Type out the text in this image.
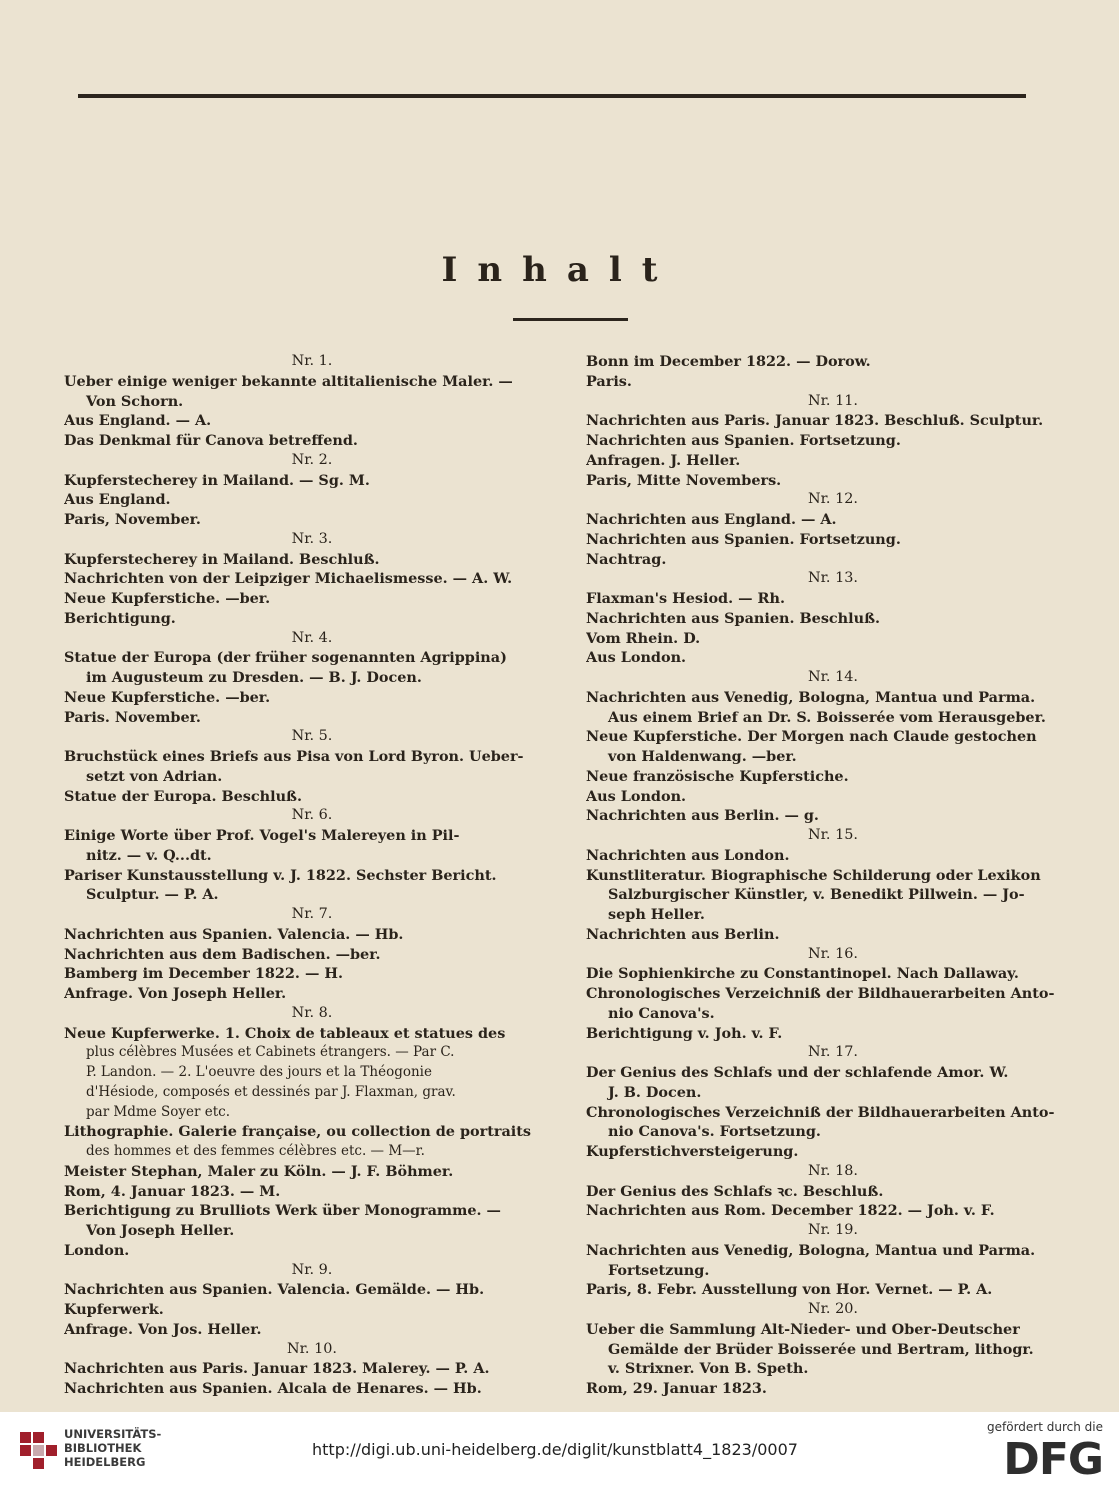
Inhalt
Nr. 1.
Ueber einige weniger bekannte altitalienische Maler. —
Von Schorn.
Aus England. — A.
Das Denkmal für Canova betreffend.
Nr. 2.
Kupferstecherey in Mailand. — Sg. M.
Aus England.
Paris, November.
Nr. 3.
Kupferstecherey in Mailand. Beschluß.
Nachrichten von der Leipziger Michaelismesse. — A. W.
Neue Kupferstiche. —ber.
Berichtigung.
Nr. 4.
Statue der Europa (der früher sogenannten Agrippina)
im Augusteum zu Dresden. — B. J. Docen.
Neue Kupferstiche. —ber.
Paris. November.
Nr. 5.
Bruchstück eines Briefs aus Pisa von Lord Byron. Ueber-
setzt von Adrian.
Statue der Europa. Beschluß.
Nr. 6.
Einige Worte über Prof. Vogel's Malereyen in Pil-
nitz. — v. Q...dt.
Pariser Kunstausstellung v. J. 1822. Sechster Bericht.
Sculptur. — P. A.
Nr. 7.
Nachrichten aus Spanien. Valencia. — Hb.
Nachrichten aus dem Badischen. —ber.
Bamberg im December 1822. — H.
Anfrage. Von Joseph Heller.
Nr. 8.
Neue Kupferwerke. 1. Choix de tableaux et statues des
plus célèbres Musées et Cabinets étrangers. — Par C.
P. Landon. — 2. L'oeuvre des jours et la Théogonie
d'Hésiode, composés et dessinés par J. Flaxman, grav.
par Mdme Soyer etc.
Lithographie. Galerie française, ou collection de portraits
des hommes et des femmes célèbres etc. — M—r.
Meister Stephan, Maler zu Köln. — J. F. Böhmer.
Rom, 4. Januar 1823. — M.
Berichtigung zu Brulliots Werk über Monogramme. —
Von Joseph Heller.
London.
Nr. 9.
Nachrichten aus Spanien. Valencia. Gemälde. — Hb.
Kupferwerk.
Anfrage. Von Jos. Heller.
Nr. 10.
Nachrichten aus Paris. Januar 1823. Malerey. — P. A.
Nachrichten aus Spanien. Alcala de Henares. — Hb.
Bonn im December 1822. — Dorow.
Paris.
Nr. 11.
Nachrichten aus Paris. Januar 1823. Beschluß. Sculptur.
Nachrichten aus Spanien. Fortsetzung.
Anfragen. J. Heller.
Paris, Mitte Novembers.
Nr. 12.
Nachrichten aus England. — A.
Nachrichten aus Spanien. Fortsetzung.
Nachtrag.
Nr. 13.
Flaxman's Hesiod. — Rh.
Nachrichten aus Spanien. Beschluß.
Vom Rhein. D.
Aus London.
Nr. 14.
Nachrichten aus Venedig, Bologna, Mantua und Parma.
Aus einem Brief an Dr. S. Boisserée vom Herausgeber.
Neue Kupferstiche. Der Morgen nach Claude gestochen
von Haldenwang. —ber.
Neue französische Kupferstiche.
Aus London.
Nachrichten aus Berlin. — g.
Nr. 15.
Nachrichten aus London.
Kunstliteratur. Biographische Schilderung oder Lexikon
Salzburgischer Künstler, v. Benedikt Pillwein. — Jo-
seph Heller.
Nachrichten aus Berlin.
Nr. 16.
Die Sophienkirche zu Constantinopel. Nach Dallaway.
Chronologisches Verzeichniß der Bildhauerarbeiten Anto-
nio Canova's.
Berichtigung v. Joh. v. F.
Nr. 17.
Der Genius des Schlafs und der schlafende Amor. W.
J. B. Docen.
Chronologisches Verzeichniß der Bildhauerarbeiten Anto-
nio Canova's. Fortsetzung.
Kupferstichversteigerung.
Nr. 18.
Der Genius des Schlafs ꝛc. Beschluß.
Nachrichten aus Rom. December 1822. — Joh. v. F.
Nr. 19.
Nachrichten aus Venedig, Bologna, Mantua und Parma.
Fortsetzung.
Paris, 8. Febr. Ausstellung von Hor. Vernet. — P. A.
Nr. 20.
Ueber die Sammlung Alt-Nieder- und Ober-Deutscher
Gemälde der Brüder Boisserée und Bertram, lithogr.
v. Strixner. Von B. Speth.
Rom, 29. Januar 1823.
UNIVERSITÄTS-
BIBLIOTHEK
HEIDELBERG
http://digi.ub.uni-heidelberg.de/diglit/kunstblatt4_1823/0007
gefördert durch die
DFG
